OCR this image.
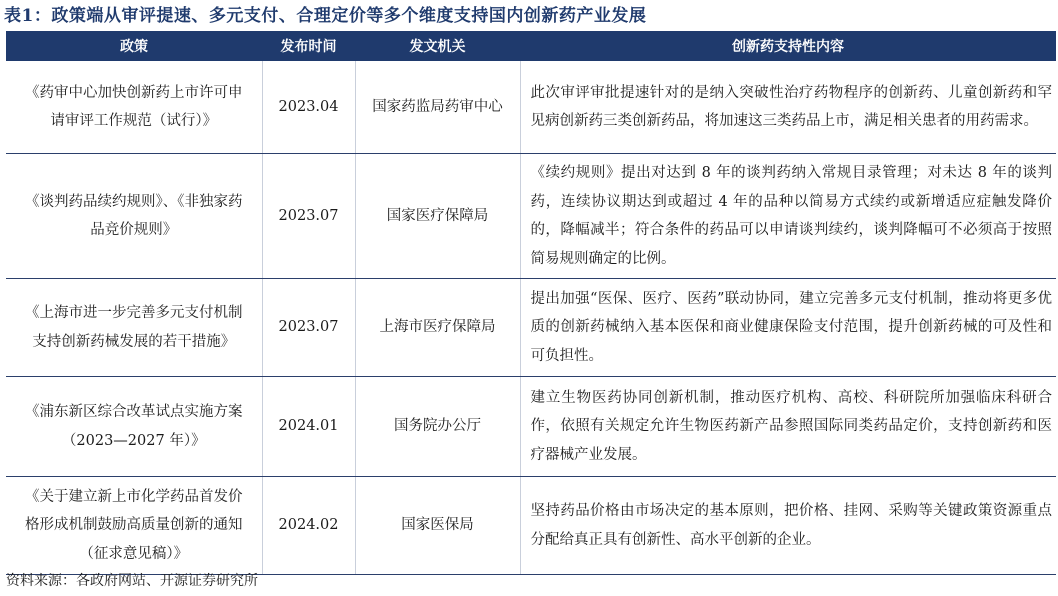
表1：政策端从审评提速、多元支付、合理定价等多个维度支持国内创新药产业发展
政策	发布时间	发文机关	创新药支持性内容
《药审中心加快创新药上市许可申请审评工作规范（试行）》	2023.04	国家药监局药审中心	此次审评审批提速针对的是纳入突破性治疗药物程序的创新药、儿童创新药和罕见病创新药三类创新药品，将加速这三类药品上市，满足相关患者的用药需求。
《谈判药品续约规则》、《非独家药品竞价规则》	2023.07	国家医疗保障局	《续约规则》提出对达到 8 年的谈判药纳入常规目录管理；对未达 8 年的谈判药，连续协议期达到或超过 4 年的品种以简易方式续约或新增适应症触发降价的，降幅减半；符合条件的药品可以申请谈判续约，谈判降幅可不必须高于按照简易规则确定的比例。
《上海市进一步完善多元支付机制支持创新药械发展的若干措施》	2023.07	上海市医疗保障局	提出加强“医保、医疗、医药”联动协同，建立完善多元支付机制，推动将更多优质的创新药械纳入基本医保和商业健康保险支付范围，提升创新药械的可及性和可负担性。
《浦东新区综合改革试点实施方案（2023—2027 年）》	2024.01	国务院办公厅	建立生物医药协同创新机制，推动医疗机构、高校、科研院所加强临床科研合作，依照有关规定允许生物医药新产品参照国际同类药品定价，支持创新药和医疗器械产业发展。
《关于建立新上市化学药品首发价格形成机制鼓励高质量创新的通知（征求意见稿）》	2024.02	国家医保局	坚持药品价格由市场决定的基本原则，把价格、挂网、采购等关键政策资源重点分配给真正具有创新性、高水平创新的企业。
资料来源：各政府网站、开源证券研究所
